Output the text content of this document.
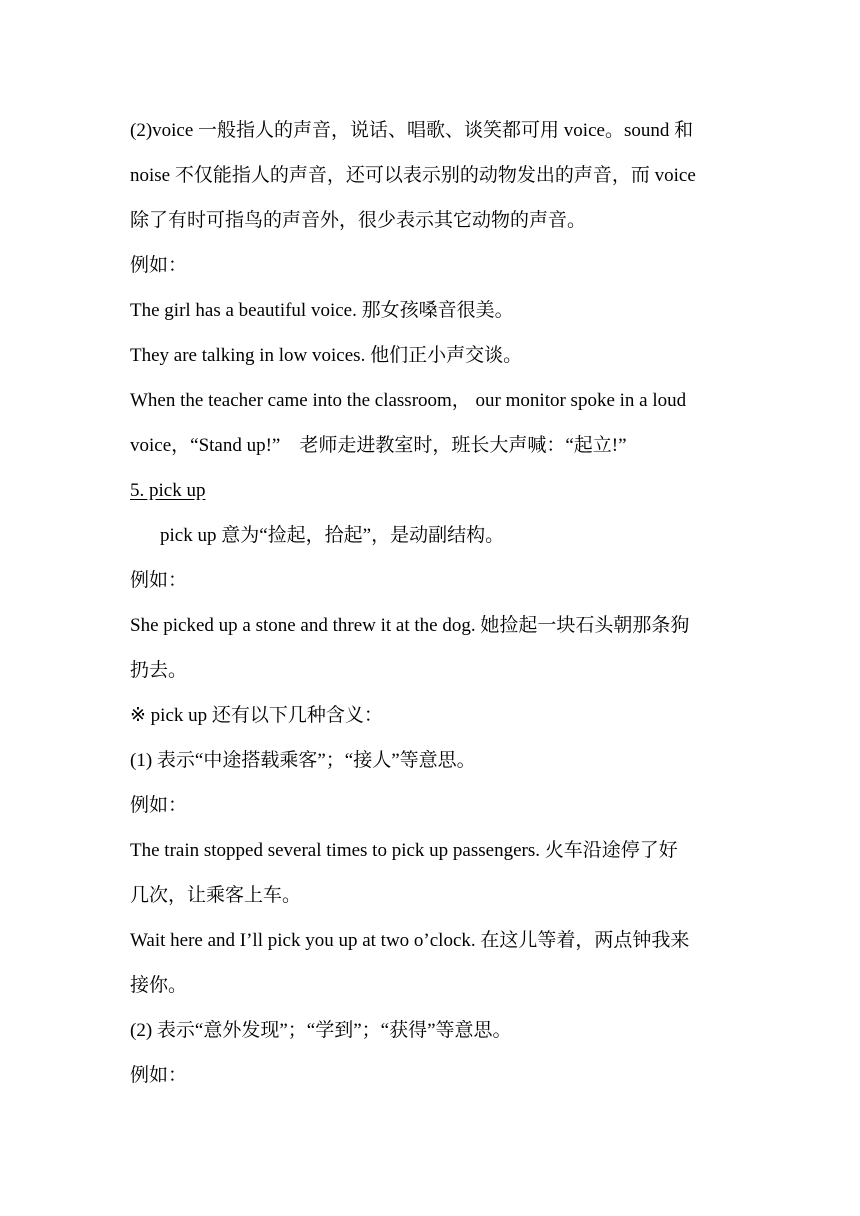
(2)voice 一般指人的声音，说话、唱歌、谈笑都可用 voice。sound 和
noise 不仅能指人的声音，还可以表示别的动物发出的声音，而 voice
除了有时可指鸟的声音外，很少表示其它动物的声音。
例如：
The girl has a beautiful voice. 那女孩嗓音很美。
They are talking in low voices. 他们正小声交谈。
When the teacher came into the classroom， our monitor spoke in a loud
voice，“Stand up!”　老师走进教室时，班长大声喊：“起立!”
5. pick up
pick up 意为“捡起，拾起”，是动副结构。
例如：
She picked up a stone and threw it at the dog. 她捡起一块石头朝那条狗
扔去。
※ pick up 还有以下几种含义：
(1) 表示“中途搭载乘客”；“接人”等意思。
例如：
The train stopped several times to pick up passengers. 火车沿途停了好
几次，让乘客上车。
Wait here and I’ll pick you up at two o’clock. 在这儿等着，两点钟我来
接你。
(2) 表示“意外发现”；“学到”；“获得”等意思。
例如：
